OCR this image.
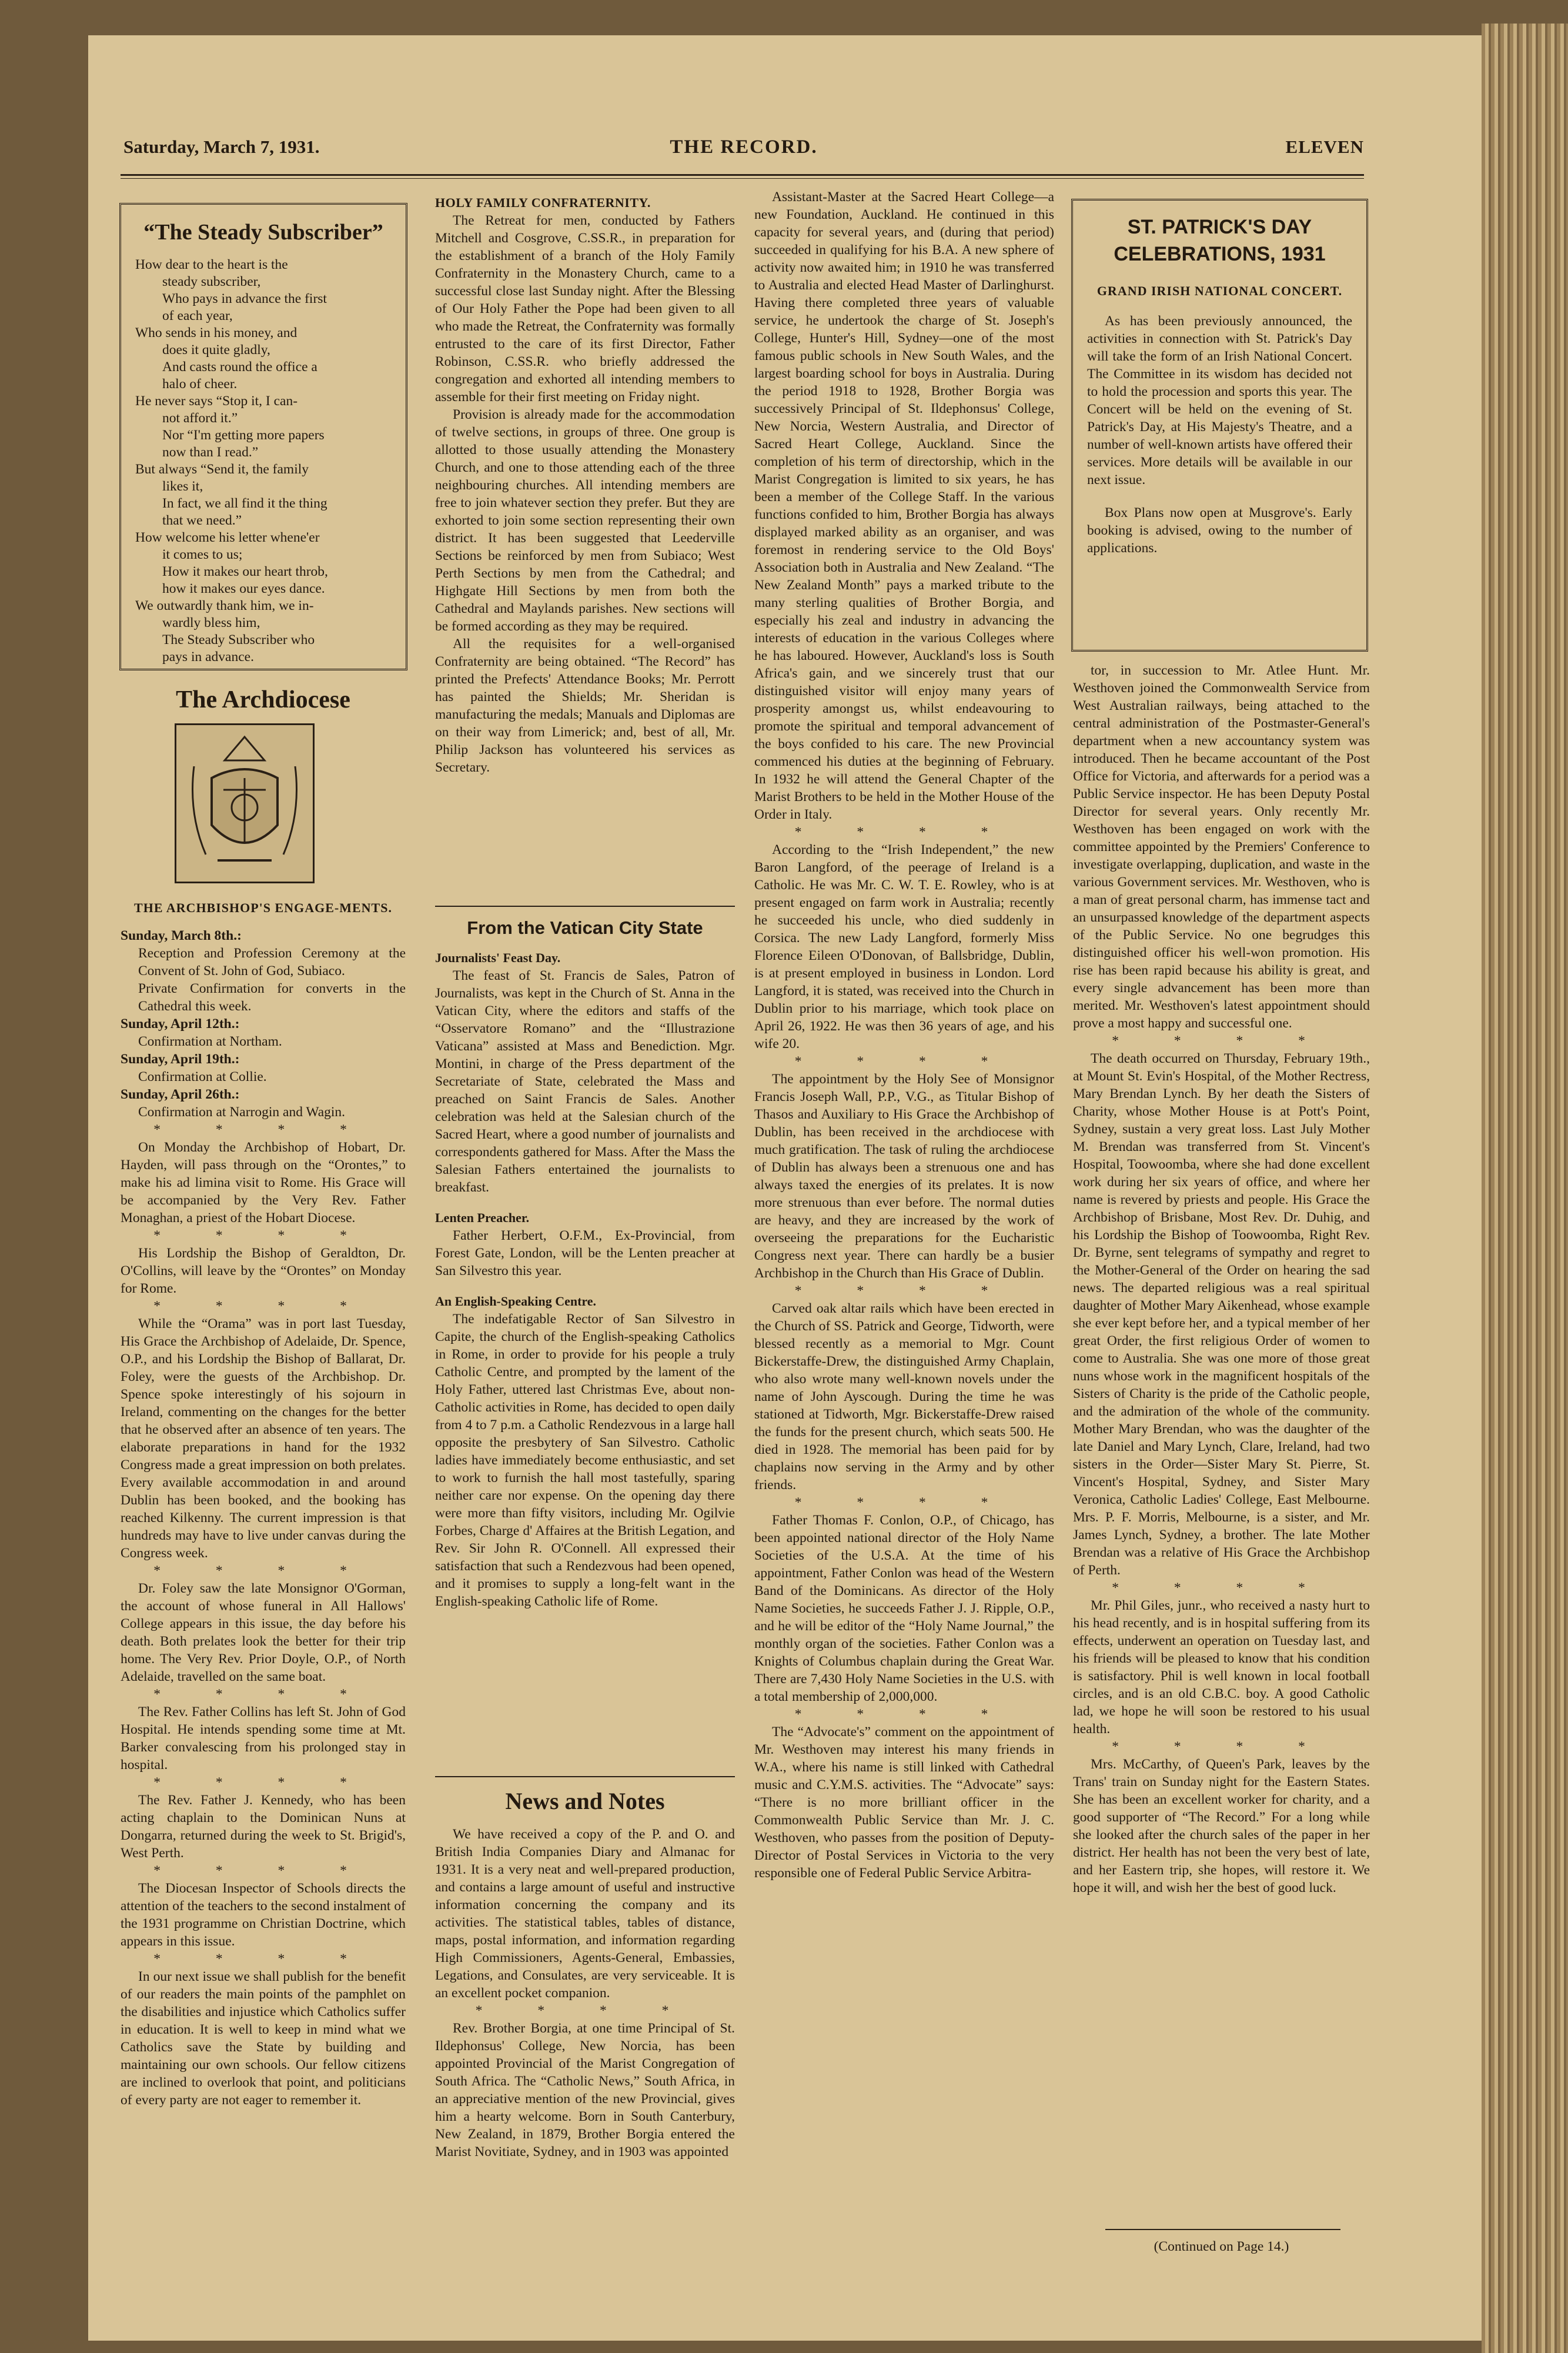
Saturday, March 7, 1931.	THE RECORD.	ELEVEN
“The Steady Subscriber”
How dear to the heart is the
steady subscriber,
Who pays in advance the first
of each year,
Who sends in his money, and
does it quite gladly,
And casts round the office a
halo of cheer.
He never says “Stop it, I can-
not afford it.”
Nor “I'm getting more papers
now than I read.”
But always “Send it, the family
likes it,
In fact, we all find it the thing
that we need.”
How welcome his letter whene'er
it comes to us;
How it makes our heart throb,
how it makes our eyes dance.
We outwardly thank him, we in-
wardly bless him,
The Steady Subscriber who
pays in advance.
The Archdiocese
THE ARCHBISHOP'S ENGAGE-MENTS.
Sunday, March 8th.:

Reception and Profession Ceremony at the Convent of St. John of God, Subiaco.

Private Confirmation for converts in the Cathedral this week.

Sunday, April 12th.:

Confirmation at Northam.

Sunday, April 19th.:

Confirmation at Collie.

Sunday, April 26th.:

Confirmation at Narrogin and Wagin.

* * * *

On Monday the Archbishop of Hobart, Dr. Hayden, will pass through on the “Orontes,” to make his ad limina visit to Rome. His Grace will be accompanied by the Very Rev. Father Monaghan, a priest of the Hobart Diocese.

* * * *

His Lordship the Bishop of Geraldton, Dr. O'Collins, will leave by the “Orontes” on Monday for Rome.

* * * *

While the “Orama” was in port last Tuesday, His Grace the Archbishop of Adelaide, Dr. Spence, O.P., and his Lordship the Bishop of Ballarat, Dr. Foley, were the guests of the Archbishop. Dr. Spence spoke interestingly of his sojourn in Ireland, commenting on the changes for the better that he observed after an absence of ten years. The elaborate preparations in hand for the 1932 Congress made a great impression on both prelates. Every available accommodation in and around Dublin has been booked, and the booking has reached Kilkenny. The current impression is that hundreds may have to live under canvas during the Congress week.

* * * *

Dr. Foley saw the late Monsignor O'Gorman, the account of whose funeral in All Hallows' College appears in this issue, the day before his death. Both prelates look the better for their trip home. The Very Rev. Prior Doyle, O.P., of North Adelaide, travelled on the same boat.

* * * *

The Rev. Father Collins has left St. John of God Hospital. He intends spending some time at Mt. Barker convalescing from his prolonged stay in hospital.

* * * *

The Rev. Father J. Kennedy, who has been acting chaplain to the Dominican Nuns at Dongarra, returned during the week to St. Brigid's, West Perth.

* * * *

The Diocesan Inspector of Schools directs the attention of the teachers to the second instalment of the 1931 programme on Christian Doctrine, which appears in this issue.

* * * *

In our next issue we shall publish for the benefit of our readers the main points of the pamphlet on the disabilities and injustice which Catholics suffer in education. It is well to keep in mind what we Catholics save the State by building and maintaining our own schools. Our fellow citizens are inclined to overlook that point, and politicians of every party are not eager to remember it.

HOLY FAMILY CONFRATERNITY.

The Retreat for men, conducted by Fathers Mitchell and Cosgrove, C.SS.R., in preparation for the establishment of a branch of the Holy Family Confraternity in the Monastery Church, came to a successful close last Sunday night. After the Blessing of Our Holy Father the Pope had been given to all who made the Retreat, the Confraternity was formally entrusted to the care of its first Director, Father Robinson, C.SS.R. who briefly addressed the congregation and exhorted all intending members to assemble for their first meeting on Friday night.

Provision is already made for the accommodation of twelve sections, in groups of three. One group is allotted to those usually attending the Monastery Church, and one to those attending each of the three neighbouring churches. All intending members are free to join whatever section they prefer. But they are exhorted to join some section representing their own district. It has been suggested that Leederville Sections be reinforced by men from Subiaco; West Perth Sections by men from the Cathedral; and Highgate Hill Sections by men from both the Cathedral and Maylands parishes. New sections will be formed according as they may be required.

All the requisites for a well-organised Confraternity are being obtained. “The Record” has printed the Prefects' Attendance Books; Mr. Perrott has painted the Shields; Mr. Sheridan is manufacturing the medals; Manuals and Diplomas are on their way from Limerick; and, best of all, Mr. Philip Jackson has volunteered his services as Secretary.

From the Vatican City State
Journalists' Feast Day.

The feast of St. Francis de Sales, Patron of Journalists, was kept in the Church of St. Anna in the Vatican City, where the editors and staffs of the “Osservatore Romano” and the “Illustrazione Vaticana” assisted at Mass and Benediction. Mgr. Montini, in charge of the Press department of the Secretariate of State, celebrated the Mass and preached on Saint Francis de Sales. Another celebration was held at the Salesian church of the Sacred Heart, where a good number of journalists and correspondents gathered for Mass. After the Mass the Salesian Fathers entertained the journalists to breakfast.

Lenten Preacher.

Father Herbert, O.F.M., Ex-Provincial, from Forest Gate, London, will be the Lenten preacher at San Silvestro this year.

An English-Speaking Centre.

The indefatigable Rector of San Silvestro in Capite, the church of the English-speaking Catholics in Rome, in order to provide for his people a truly Catholic Centre, and prompted by the lament of the Holy Father, uttered last Christmas Eve, about non-Catholic activities in Rome, has decided to open daily from 4 to 7 p.m. a Catholic Rendezvous in a large hall opposite the presbytery of San Silvestro. Catholic ladies have immediately become enthusiastic, and set to work to furnish the hall most tastefully, sparing neither care nor expense. On the opening day there were more than fifty visitors, including Mr. Ogilvie Forbes, Charge d' Affaires at the British Legation, and Rev. Sir John R. O'Connell. All expressed their satisfaction that such a Rendezvous had been opened, and it promises to supply a long-felt want in the English-speaking Catholic life of Rome.

News and Notes

We have received a copy of the P. and O. and British India Companies Diary and Almanac for 1931. It is a very neat and well-prepared production, and contains a large amount of useful and instructive information concerning the company and its activities. The statistical tables, tables of distance, maps, postal information, and information regarding High Commissioners, Agents-General, Embassies, Legations, and Consulates, are very serviceable. It is an excellent pocket companion.

* * * *

Rev. Brother Borgia, at one time Principal of St. Ildephonsus' College, New Norcia, has been appointed Provincial of the Marist Congregation of South Africa. The “Catholic News,” South Africa, in an appreciative mention of the new Provincial, gives him a hearty welcome. Born in South Canterbury, New Zealand, in 1879, Brother Borgia entered the Marist Novitiate, Sydney, and in 1903 was appointed

Assistant-Master at the Sacred Heart College—a new Foundation, Auckland. He continued in this capacity for several years, and (during that period) succeeded in qualifying for his B.A. A new sphere of activity now awaited him; in 1910 he was transferred to Australia and elected Head Master of Darlinghurst. Having there completed three years of valuable service, he undertook the charge of St. Joseph's College, Hunter's Hill, Sydney—one of the most famous public schools in New South Wales, and the largest boarding school for boys in Australia. During the period 1918 to 1928, Brother Borgia was successively Principal of St. Ildephonsus' College, New Norcia, Western Australia, and Director of Sacred Heart College, Auckland. Since the completion of his term of directorship, which in the Marist Congregation is limited to six years, he has been a member of the College Staff. In the various functions confided to him, Brother Borgia has always displayed marked ability as an organiser, and was foremost in rendering service to the Old Boys' Association both in Australia and New Zealand. “The New Zealand Month” pays a marked tribute to the many sterling qualities of Brother Borgia, and especially his zeal and industry in advancing the interests of education in the various Colleges where he has laboured. However, Auckland's loss is South Africa's gain, and we sincerely trust that our distinguished visitor will enjoy many years of prosperity amongst us, whilst endeavouring to promote the spiritual and temporal advancement of the boys confided to his care. The new Provincial commenced his duties at the beginning of February. In 1932 he will attend the General Chapter of the Marist Brothers to be held in the Mother House of the Order in Italy.

* * * *

According to the “Irish Independent,” the new Baron Langford, of the peerage of Ireland is a Catholic. He was Mr. C. W. T. E. Rowley, who is at present engaged on farm work in Australia; recently he succeeded his uncle, who died suddenly in Corsica. The new Lady Langford, formerly Miss Florence Eileen O'Donovan, of Ballsbridge, Dublin, is at present employed in business in London. Lord Langford, it is stated, was received into the Church in Dublin prior to his marriage, which took place on April 26, 1922. He was then 36 years of age, and his wife 20.

* * * *

The appointment by the Holy See of Monsignor Francis Joseph Wall, P.P., V.G., as Titular Bishop of Thasos and Auxiliary to His Grace the Archbishop of Dublin, has been received in the archdiocese with much gratification. The task of ruling the archdiocese of Dublin has always been a strenuous one and has always taxed the energies of its prelates. It is now more strenuous than ever before. The normal duties are heavy, and they are increased by the work of overseeing the preparations for the Eucharistic Congress next year. There can hardly be a busier Archbishop in the Church than His Grace of Dublin.

* * * *

Carved oak altar rails which have been erected in the Church of SS. Patrick and George, Tidworth, were blessed recently as a memorial to Mgr. Count Bickerstaffe-Drew, the distinguished Army Chaplain, who also wrote many well-known novels under the name of John Ayscough. During the time he was stationed at Tidworth, Mgr. Bickerstaffe-Drew raised the funds for the present church, which seats 500. He died in 1928. The memorial has been paid for by chaplains now serving in the Army and by other friends.

* * * *

Father Thomas F. Conlon, O.P., of Chicago, has been appointed national director of the Holy Name Societies of the U.S.A. At the time of his appointment, Father Conlon was head of the Western Band of the Dominicans. As director of the Holy Name Societies, he succeeds Father J. J. Ripple, O.P., and he will be editor of the “Holy Name Journal,” the monthly organ of the societies. Father Conlon was a Knights of Columbus chaplain during the Great War. There are 7,430 Holy Name Societies in the U.S. with a total membership of 2,000,000.

* * * *

The “Advocate's” comment on the appointment of Mr. Westhoven may interest his many friends in W.A., where his name is still linked with Cathedral music and C.Y.M.S. activities. The “Advocate” says: “There is no more brilliant officer in the Commonwealth Public Service than Mr. J. C. Westhoven, who passes from the position of Deputy-Director of Postal Services in Victoria to the very responsible one of Federal Public Service Arbitra-

ST. PATRICK'S DAY CELEBRATIONS, 1931
GRAND IRISH NATIONAL CONCERT.

As has been previously announced, the activities in connection with St. Patrick's Day will take the form of an Irish National Concert. The Committee in its wisdom has decided not to hold the procession and sports this year. The Concert will be held on the evening of St. Patrick's Day, at His Majesty's Theatre, and a number of well-known artists have offered their services. More details will be available in our next issue.

Box Plans now open at Musgrove's. Early booking is advised, owing to the number of applications.

tor, in succession to Mr. Atlee Hunt. Mr. Westhoven joined the Commonwealth Service from West Australian railways, being attached to the central administration of the Postmaster-General's department when a new accountancy system was introduced. Then he became accountant of the Post Office for Victoria, and afterwards for a period was a Public Service inspector. He has been Deputy Postal Director for several years. Only recently Mr. Westhoven has been engaged on work with the committee appointed by the Premiers' Conference to investigate overlapping, duplication, and waste in the various Government services. Mr. Westhoven, who is a man of great personal charm, has immense tact and an unsurpassed knowledge of the department aspects of the Public Service. No one begrudges this distinguished officer his well-won promotion. His rise has been rapid because his ability is great, and every single advancement has been more than merited. Mr. Westhoven's latest appointment should prove a most happy and successful one.

* * * *

The death occurred on Thursday, February 19th., at Mount St. Evin's Hospital, of the Mother Rectress, Mary Brendan Lynch. By her death the Sisters of Charity, whose Mother House is at Pott's Point, Sydney, sustain a very great loss. Last July Mother M. Brendan was transferred from St. Vincent's Hospital, Toowoomba, where she had done excellent work during her six years of office, and where her name is revered by priests and people. His Grace the Archbishop of Brisbane, Most Rev. Dr. Duhig, and his Lordship the Bishop of Toowoomba, Right Rev. Dr. Byrne, sent telegrams of sympathy and regret to the Mother-General of the Order on hearing the sad news. The departed religious was a real spiritual daughter of Mother Mary Aikenhead, whose example she ever kept before her, and a typical member of her great Order, the first religious Order of women to come to Australia. She was one more of those great nuns whose work in the magnificent hospitals of the Sisters of Charity is the pride of the Catholic people, and the admiration of the whole of the community. Mother Mary Brendan, who was the daughter of the late Daniel and Mary Lynch, Clare, Ireland, had two sisters in the Order—Sister Mary St. Pierre, St. Vincent's Hospital, Sydney, and Sister Mary Veronica, Catholic Ladies' College, East Melbourne. Mrs. P. F. Morris, Melbourne, is a sister, and Mr. James Lynch, Sydney, a brother. The late Mother Brendan was a relative of His Grace the Archbishop of Perth.

* * * *

Mr. Phil Giles, junr., who received a nasty hurt to his head recently, and is in hospital suffering from its effects, underwent an operation on Tuesday last, and his friends will be pleased to know that his condition is satisfactory. Phil is well known in local football circles, and is an old C.B.C. boy. A good Catholic lad, we hope he will soon be restored to his usual health.

* * * *

Mrs. McCarthy, of Queen's Park, leaves by the Trans' train on Sunday night for the Eastern States. She has been an excellent worker for charity, and a good supporter of “The Record.” For a long while she looked after the church sales of the paper in her district. Her health has not been the very best of late, and her Eastern trip, she hopes, will restore it. We hope it will, and wish her the best of good luck.

(Continued on Page 14.)
